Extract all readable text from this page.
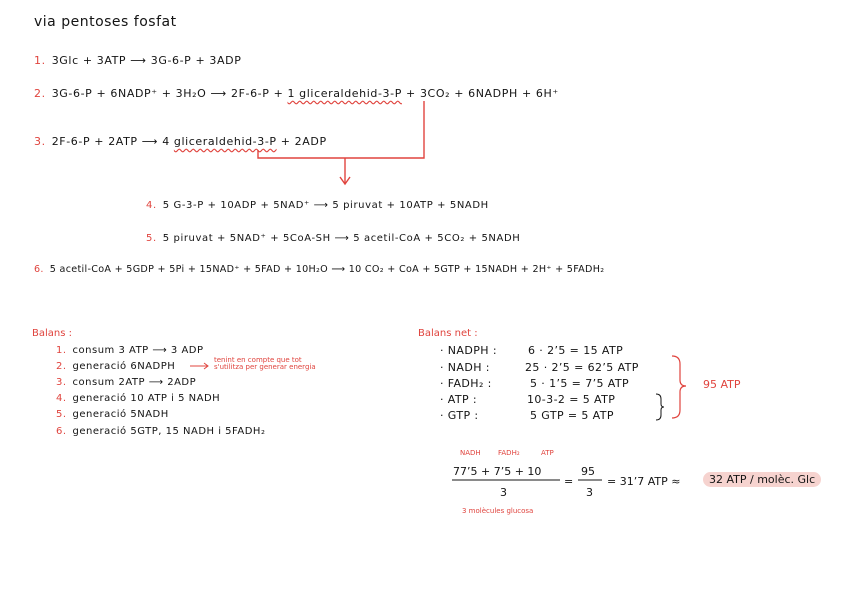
via pentoses fosfat
1. 3Glc + 3ATP ⟶ 3G-6-P + 3ADP
2. 3G-6-P + 6NADP⁺ + 3H₂O ⟶ 2F-6-P + 1 gliceraldehid-3-P + 3CO₂ + 6NADPH + 6H⁺
3. 2F-6-P + 2ATP ⟶ 4 gliceraldehid-3-P + 2ADP
4. 5 G-3-P + 10ADP + 5NAD⁺ ⟶ 5 piruvat + 10ATP + 5NADH
5. 5 piruvat + 5NAD⁺ + 5CoA-SH ⟶ 5 acetil-CoA + 5CO₂ + 5NADH
6. 5 acetil-CoA + 5GDP + 5Pi + 15NAD⁺ + 5FAD + 10H₂O ⟶ 10 CO₂ + CoA + 5GTP + 15NADH + 2H⁺ + 5FADH₂
Balans :
1. consum 3 ATP ⟶ 3 ADP
2. generació 6NADPH
tenint en compte que tot
s'utilitza per generar energia
3. consum 2ATP ⟶ 2ADP
4. generació 10 ATP i 5 NADH
5. generació 5NADH
6. generació 5GTP, 15 NADH i 5FADH₂
Balans net :
· NADPH :	6 · 2’5 = 15 ATP
· NADH :	25 · 2’5 = 62’5 ATP
· FADH₂ :	5 · 1’5 = 7’5 ATP
· ATP :	10-3-2 = 5 ATP
· GTP :	5 GTP = 5 ATP
95 ATP
NADH FADH₂	ATP
77’5 + 7’5 + 10
3
=
95
3
= 31’7 ATP ≈	32 ATP / molèc. Glc
3 molècules glucosa
